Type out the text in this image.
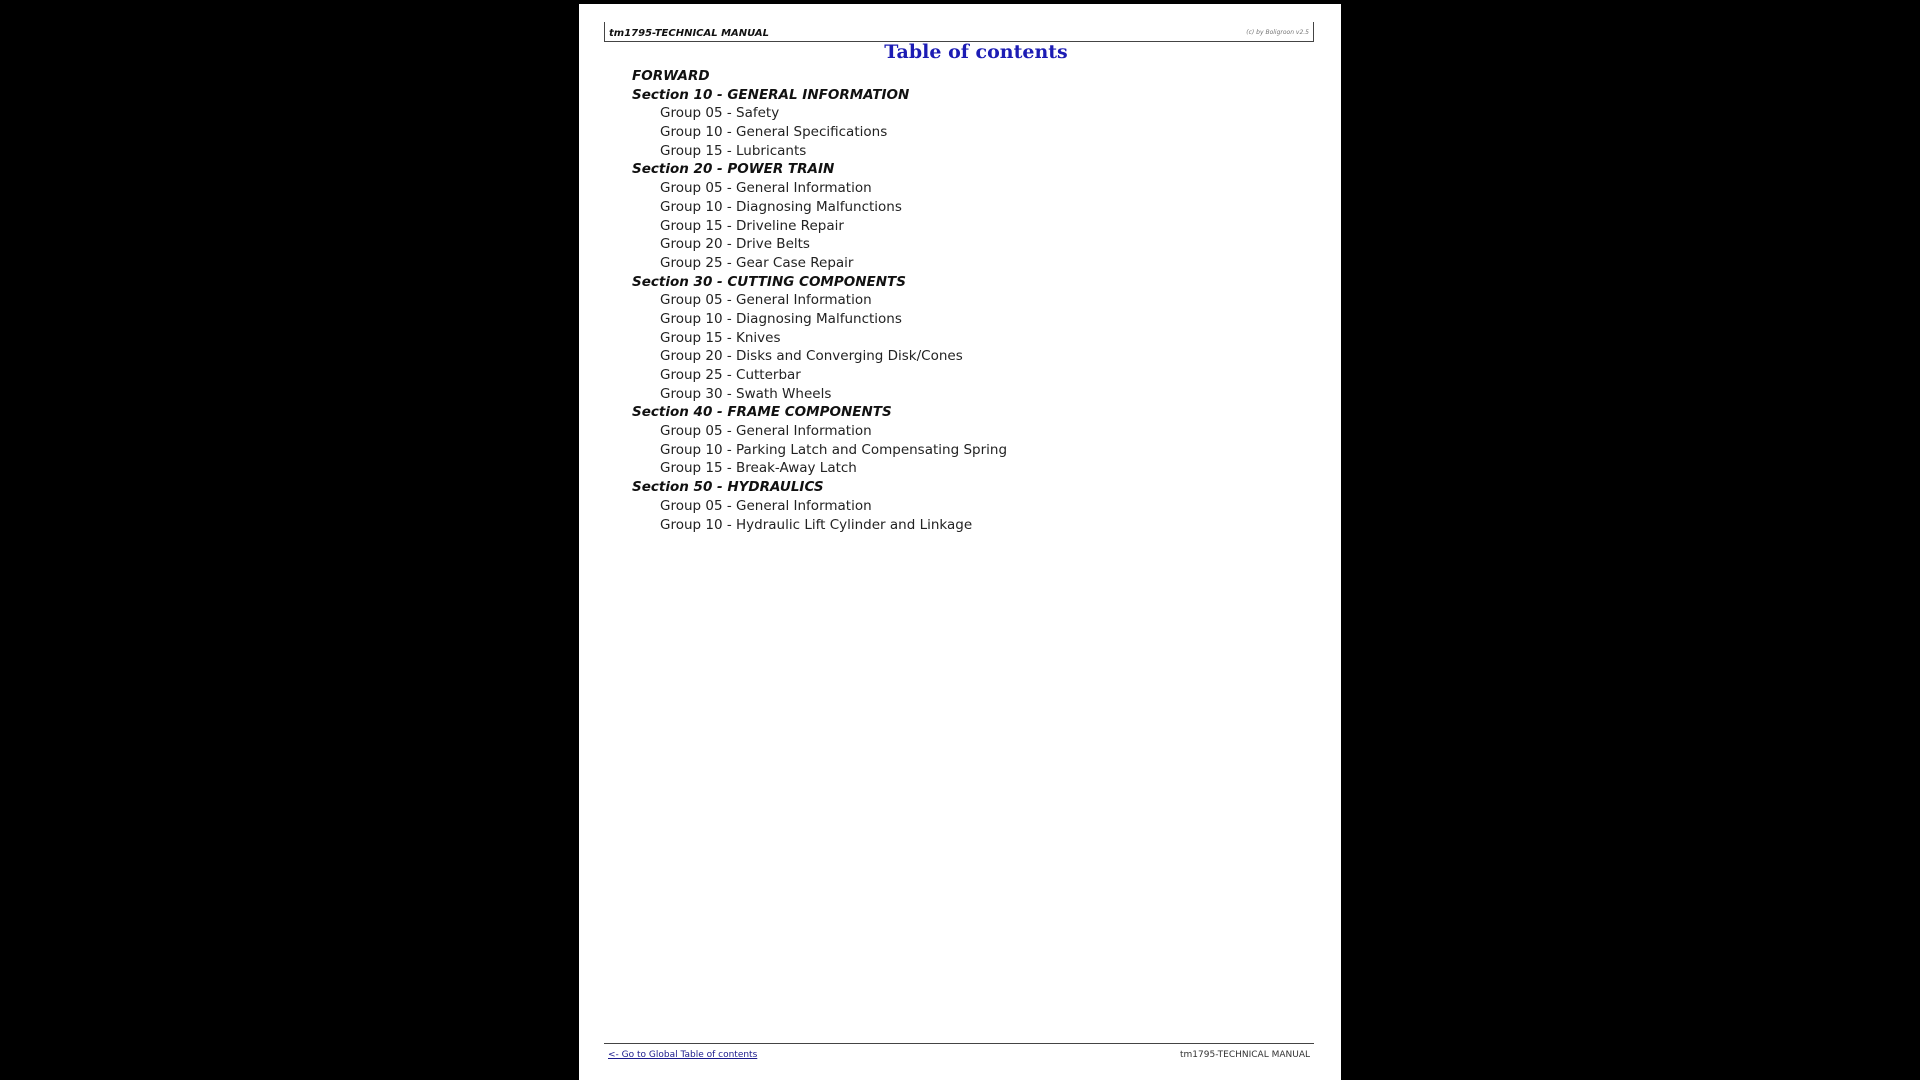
tm1795-TECHNICAL MANUAL	(c) by Boligroon v2.5
Table of contents
FORWARD
Section 10 - GENERAL INFORMATION
Group 05 - Safety
Group 10 - General Specifications
Group 15 - Lubricants
Section 20 - POWER TRAIN
Group 05 - General Information
Group 10 - Diagnosing Malfunctions
Group 15 - Driveline Repair
Group 20 - Drive Belts
Group 25 - Gear Case Repair
Section 30 - CUTTING COMPONENTS
Group 05 - General Information
Group 10 - Diagnosing Malfunctions
Group 15 - Knives
Group 20 - Disks and Converging Disk/Cones
Group 25 - Cutterbar
Group 30 - Swath Wheels
Section 40 - FRAME COMPONENTS
Group 05 - General Information
Group 10 - Parking Latch and Compensating Spring
Group 15 - Break-Away Latch
Section 50 - HYDRAULICS
Group 05 - General Information
Group 10 - Hydraulic Lift Cylinder and Linkage
<- Go to Global Table of contents	tm1795-TECHNICAL MANUAL
